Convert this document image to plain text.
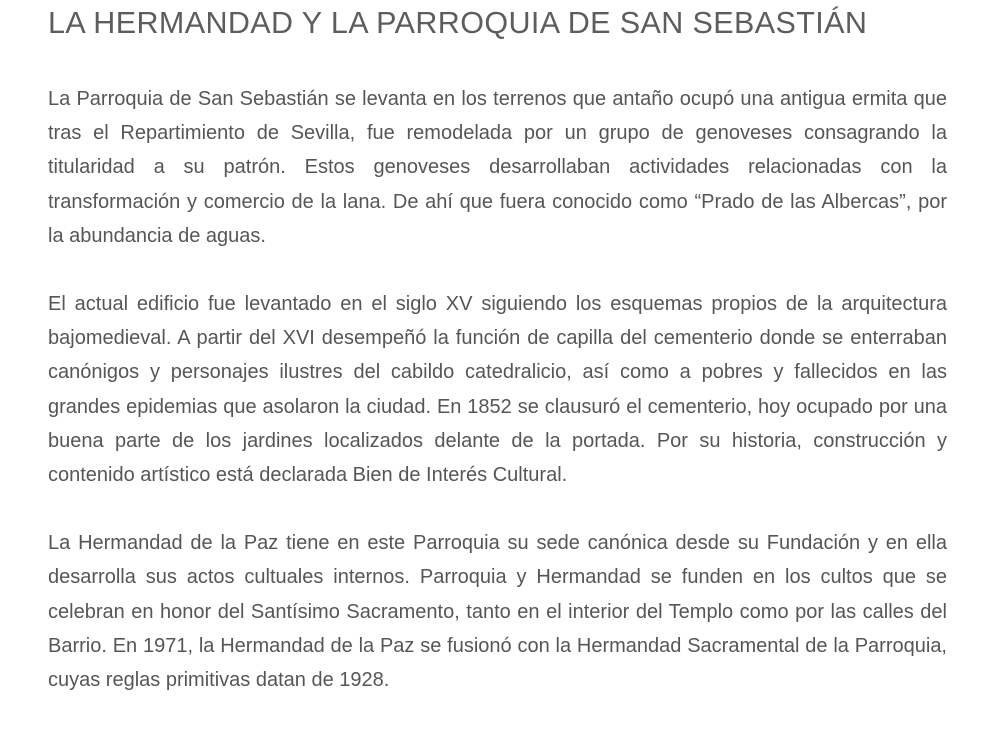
LA HERMANDAD Y LA PARROQUIA DE SAN SEBASTIÁN

La Parroquia de San Sebastián se levanta en los terrenos que antaño ocupó una antigua ermita que tras el Repartimiento de Sevilla, fue remodelada por un grupo de genoveses consagrando la titularidad a su patrón. Estos genoveses desarrollaban actividades relacionadas con la transformación y comercio de la lana. De ahí que fuera conocido como “Prado de las Albercas”, por la abundancia de aguas.

El actual edificio fue levantado en el siglo XV siguiendo los esquemas propios de la arquitectura bajomedieval. A partir del XVI desempeñó la función de capilla del cementerio donde se enterraban canónigos y personajes ilustres del cabildo catedralicio, así como a pobres y fallecidos en las grandes epidemias que asolaron la ciudad. En 1852 se clausuró el cementerio, hoy ocupado por una buena parte de los jardines localizados delante de la portada. Por su historia, construcción y contenido artístico está declarada Bien de Interés Cultural.

La Hermandad de la Paz tiene en este Parroquia su sede canónica desde su Fundación y en ella desarrolla sus actos cultuales internos. Parroquia y Hermandad se funden en los cultos que se celebran en honor del Santísimo Sacramento, tanto en el interior del Templo como por las calles del Barrio. En 1971, la Hermandad de la Paz se fusionó con la Hermandad Sacramental de la Parroquia, cuyas reglas primitivas datan de 1928.
